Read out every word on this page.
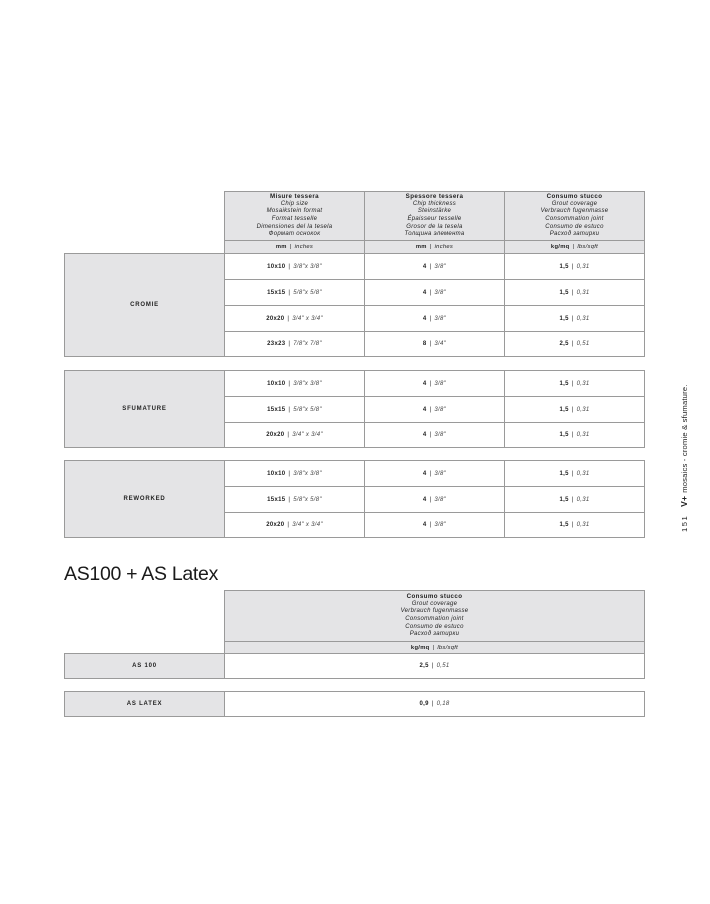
Misure tessera
Chip size
Mosaikstein format
Format tesselle
Dimensiones del la tesela
Формат оснокок
Spessore tessera
Chip thickness
Steinstärke
Épaisseur tesselle
Grosor de la tesela
Толщина элемента
Consumo stucco
Grout coverage
Verbrauch fugenmasse
Consommation joint
Consumo de estuco
Расход затирки
mm | inches	mm | inches	kg/mq | lbs/sqft
CROMIE
10x10 | 3/8"x 3/8"	4 | 3/8"	1,5 | 0,31
15x15 | 5/8"x 5/8"	4 | 3/8"	1,5 | 0,31
20x20 | 3/4" x 3/4"	4 | 3/8"	1,5 | 0,31
23x23 | 7/8"x 7/8"	8 | 3/4"	2,5 | 0,51
SFUMATURE
10x10 | 3/8"x 3/8"	4 | 3/8"	1,5 | 0,31
15x15 | 5/8"x 5/8"	4 | 3/8"	1,5 | 0,31
20x20 | 3/4" x 3/4"	4 | 3/8"	1,5 | 0,31
REWORKED
10x10 | 3/8"x 3/8"	4 | 3/8"	1,5 | 0,31
15x15 | 5/8"x 5/8"	4 | 3/8"	1,5 | 0,31
20x20 | 3/4" x 3/4"	4 | 3/8"	1,5 | 0,31
AS100 + AS Latex
Consumo stucco
Grout coverage
Verbrauch fugenmasse
Consommation joint
Consumo de estuco
Расход затирки
kg/mq | lbs/sqft
AS 100	2,5 | 0,51
AS LATEX	0,9 | 0,18
151
V+
mosaics - cromie & sfumature.
